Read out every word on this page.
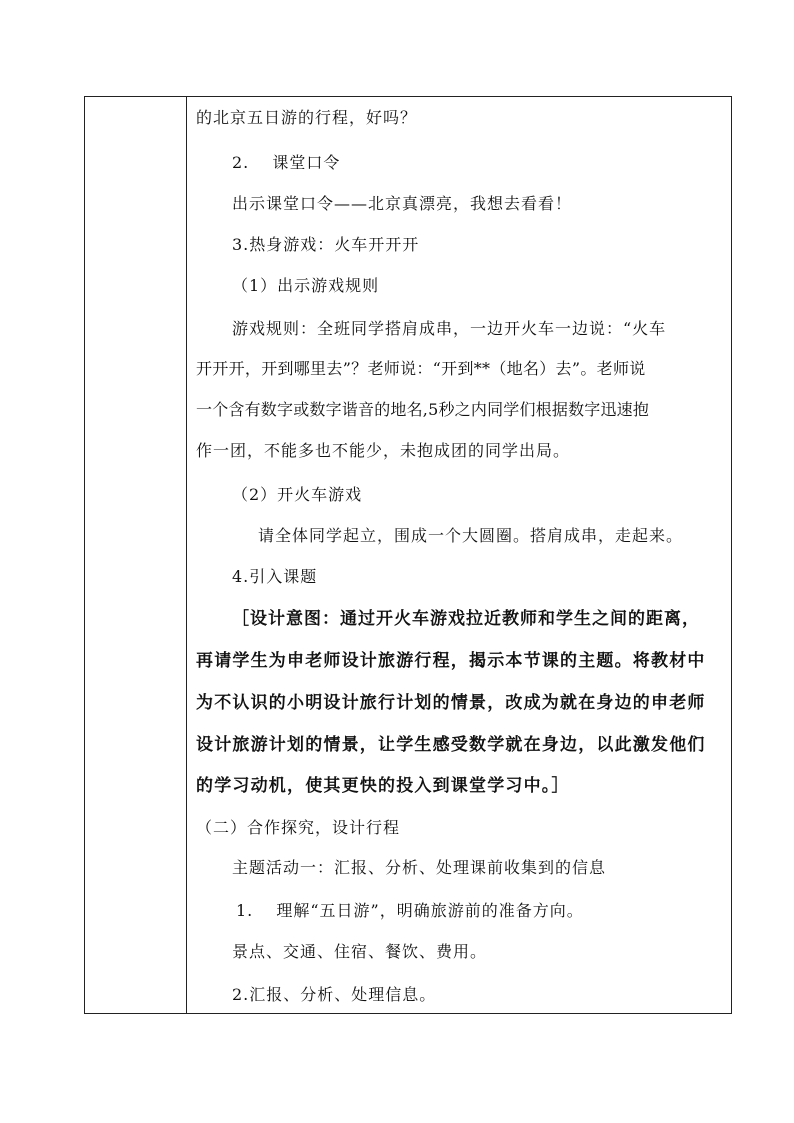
的北京五日游的行程，好吗？
2.　 课堂口令
出示课堂口令——北京真漂亮，我想去看看！
3.热身游戏：火车开开开
（1）出示游戏规则
游戏规则：全班同学搭肩成串，一边开火车一边说：“火车
开开开，开到哪里去”？老师说：“开到**（地名）去”。老师说
一个含有数字或数字谐音的地名,5秒之内同学们根据数字迅速抱
作一团，不能多也不能少，未抱成团的同学出局。
（2）开火车游戏
请全体同学起立，围成一个大圆圈。搭肩成串，走起来。
4.引入课题
［设计意图：通过开火车游戏拉近教师和学生之间的距离，
再请学生为申老师设计旅游行程，揭示本节课的主题。将教材中
为不认识的小明设计旅行计划的情景，改成为就在身边的申老师
设计旅游计划的情景，让学生感受数学就在身边，以此激发他们
的学习动机，使其更快的投入到课堂学习中。］
（二）合作探究，设计行程
主题活动一：汇报、分析、处理课前收集到的信息
1.　 理解“五日游”，明确旅游前的准备方向。
景点、交通、住宿、餐饮、费用。
2.汇报、分析、处理信息。
